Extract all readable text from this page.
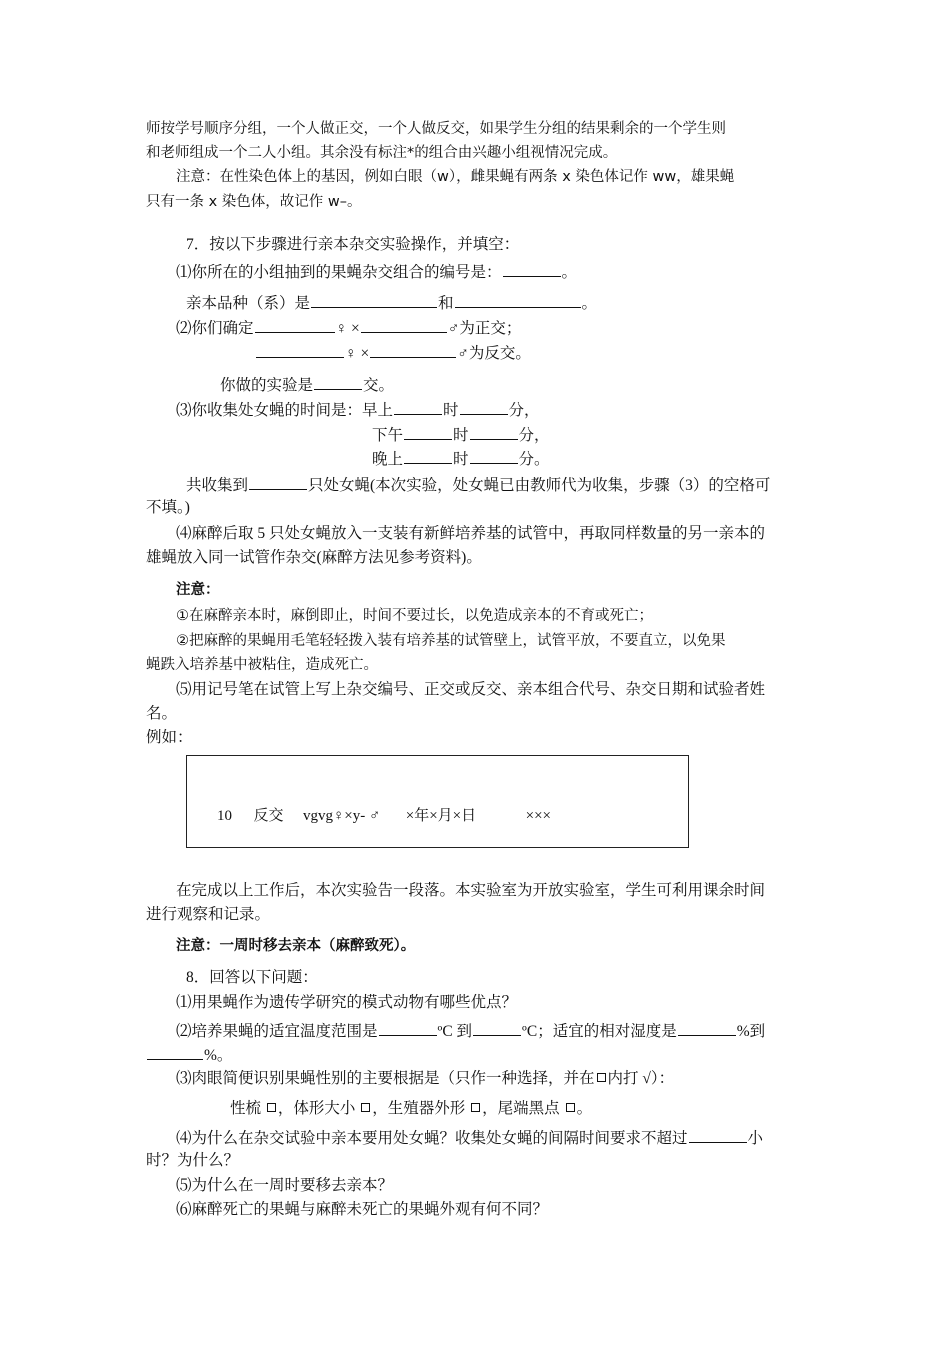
师按学号顺序分组，一个人做正交，一个人做反交，如果学生分组的结果剩余的一个学生则
和老师组成一个二人小组。其余没有标注*的组合由兴趣小组视情况完成。
注意：在性染色体上的基因，例如白眼（w），雌果蝇有两条 x 染色体记作 ww，雄果蝇
只有一条 x 染色体，故记作 w–。
7．按以下步骤进行亲本杂交实验操作，并填空：
⑴你所在的小组抽到的果蝇杂交组合的编号是：	。
亲本品种（系）是	和	。
⑵你们确定	♀ ×	♂为正交；
♀ ×	♂为反交。
你做的实验是	交。
⑶你收集处女蝇的时间是：早上	时	分，
下午	时	分，
晚上	时	分。
共收集到	只处女蝇(本次实验，处女蝇已由教师代为收集，步骤（3）的空格可
不填。)
⑷麻醉后取 5 只处女蝇放入一支装有新鲜培养基的试管中，再取同样数量的另一亲本的
雄蝇放入同一试管作杂交(麻醉方法见参考资料)。
注意：
①在麻醉亲本时，麻倒即止，时间不要过长，以免造成亲本的不育或死亡；
②把麻醉的果蝇用毛笔轻轻拨入装有培养基的试管壁上，试管平放，不要直立，以免果
蝇跌入培养基中被粘住，造成死亡。
⑸用记号笔在试管上写上杂交编号、正交或反交、亲本组合代号、杂交日期和试验者姓
名。
例如：
10 反交 vgvg♀×y- ♂ ×年×月×日	×××
在完成以上工作后，本次实验告一段落。本实验室为开放实验室，学生可利用课余时间
进行观察和记录。
注意：一周时移去亲本（麻醉致死）。
8．回答以下问题：
⑴用果蝇作为遗传学研究的模式动物有哪些优点？
⑵培养果蝇的适宜温度范围是	ºC 到	ºC；适宜的相对湿度是	%到
%。
⑶肉眼简便识别果蝇性别的主要根据是（只作一种选择，并在 内打 √）：
性梳 ，体形大小 ，生殖器外形 ，尾端黑点 。
⑷为什么在杂交试验中亲本要用处女蝇？收集处女蝇的间隔时间要求不超过	小
时？为什么？
⑸为什么在一周时要移去亲本？
⑹麻醉死亡的果蝇与麻醉未死亡的果蝇外观有何不同？
